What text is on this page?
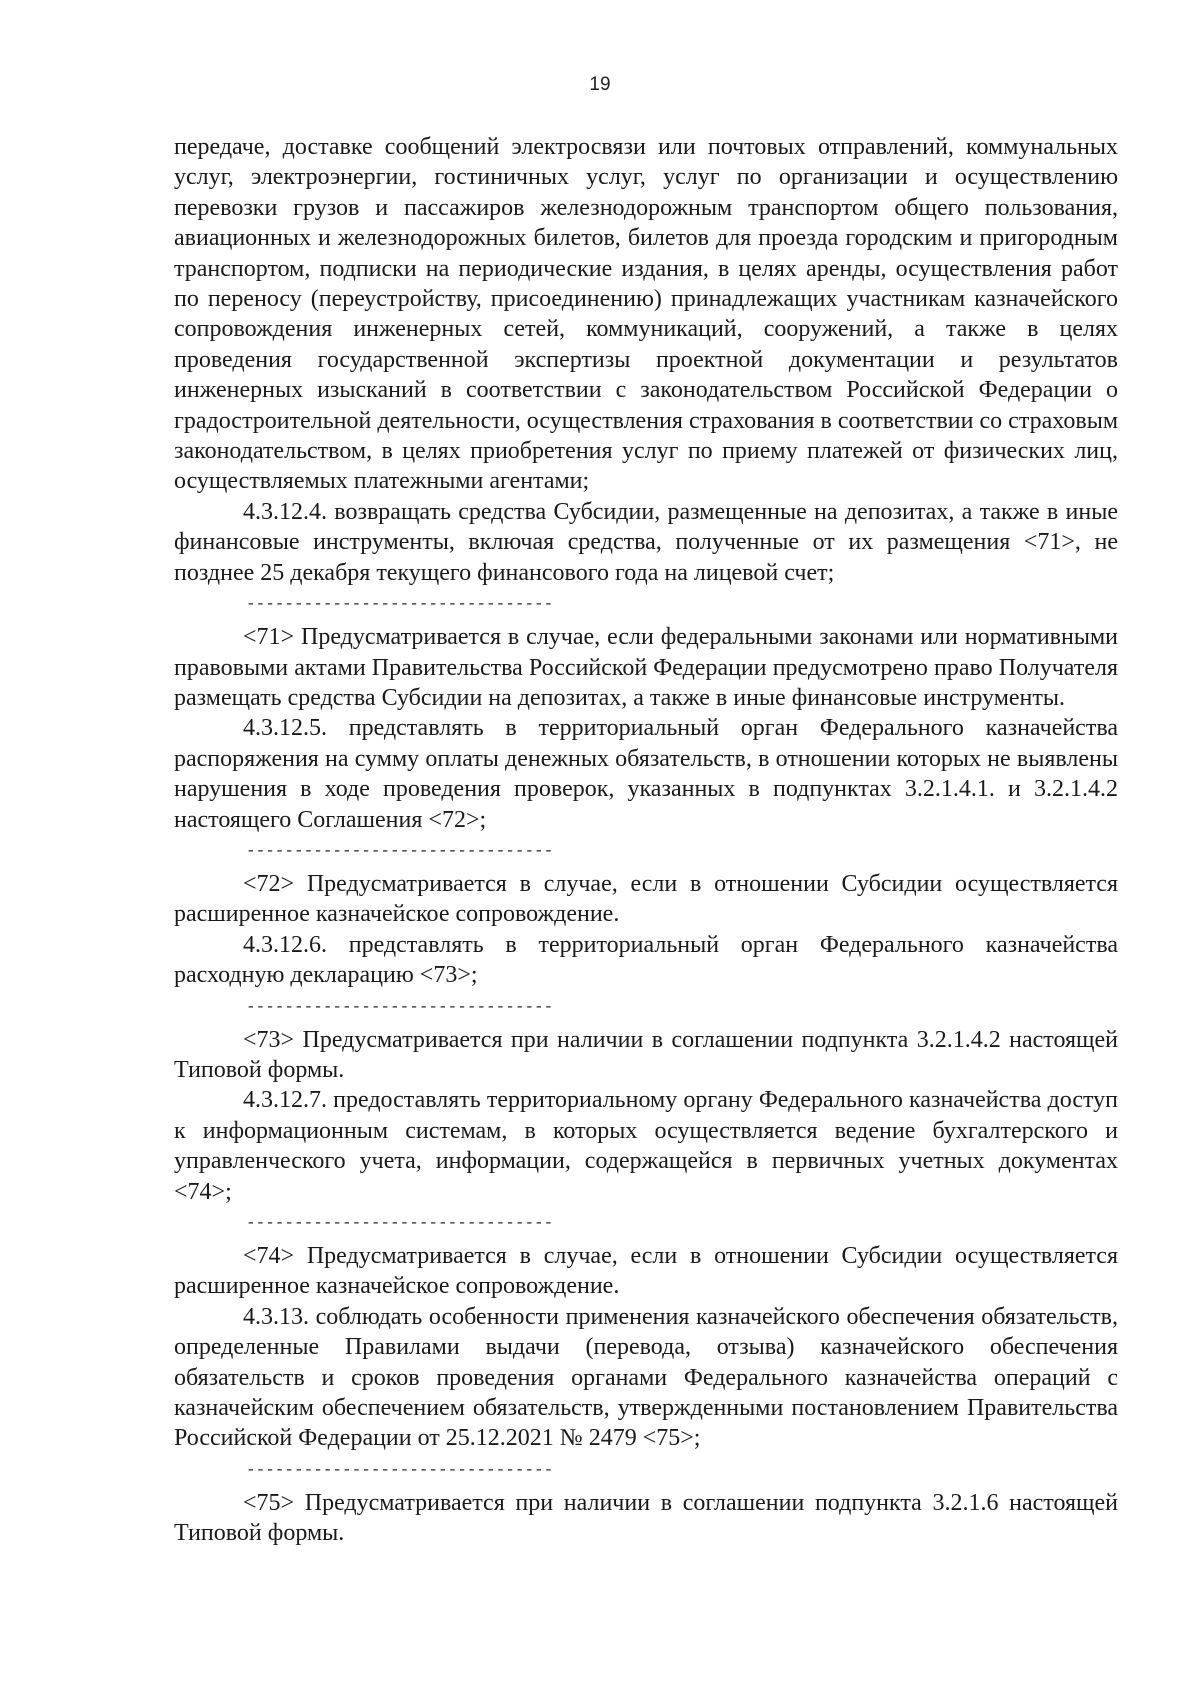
19

передаче, доставке сообщений электросвязи или почтовых отправлений, коммунальных услуг, электроэнергии, гостиничных услуг, услуг по организации и осуществлению перевозки грузов и пассажиров железнодорожным транспортом общего пользования, авиационных и железнодорожных билетов, билетов для проезда городским и пригородным транспортом, подписки на периодические издания, в целях аренды, осуществления работ по переносу (переустройству, присоединению) принадлежащих участникам казначейского сопровождения инженерных сетей, коммуникаций, сооружений, а также в целях проведения государственной экспертизы проектной документации и результатов инженерных изысканий в соответствии с законодательством Российской Федерации о градостроительной деятельности, осуществления страхования в соответствии со страховым законодательством, в целях приобретения услуг по приему платежей от физических лиц, осуществляемых платежными агентами;

4.3.12.4. возвращать средства Субсидии, размещенные на депозитах, а также в иные финансовые инструменты, включая средства, полученные от их размещения <71>, не позднее 25 декабря текущего финансового года на лицевой счет;

--------------------------------

<71> Предусматривается в случае, если федеральными законами или нормативными правовыми актами Правительства Российской Федерации предусмотрено право Получателя размещать средства Субсидии на депозитах, а также в иные финансовые инструменты.

4.3.12.5. представлять в территориальный орган Федерального казначейства распоряжения на сумму оплаты денежных обязательств, в отношении которых не выявлены нарушения в ходе проведения проверок, указанных в подпунктах 3.2.1.4.1. и 3.2.1.4.2 настоящего Соглашения <72>;

--------------------------------

<72> Предусматривается в случае, если в отношении Субсидии осуществляется расширенное казначейское сопровождение.

4.3.12.6. представлять в территориальный орган Федерального казначейства расходную декларацию <73>;

--------------------------------

<73> Предусматривается при наличии в соглашении подпункта 3.2.1.4.2 настоящей Типовой формы.

4.3.12.7. предоставлять территориальному органу Федерального казначейства доступ к информационным системам, в которых осуществляется ведение бухгалтерского и управленческого учета, информации, содержащейся в первичных учетных документах <74>;

--------------------------------

<74> Предусматривается в случае, если в отношении Субсидии осуществляется расширенное казначейское сопровождение.

4.3.13. соблюдать особенности применения казначейского обеспечения обязательств, определенные Правилами выдачи (перевода, отзыва) казначейского обеспечения обязательств и сроков проведения органами Федерального казначейства операций с казначейским обеспечением обязательств, утвержденными постановлением Правительства Российской Федерации от 25.12.2021 № 2479 <75>;

--------------------------------

<75> Предусматривается при наличии в соглашении подпункта 3.2.1.6 настоящей Типовой формы.
